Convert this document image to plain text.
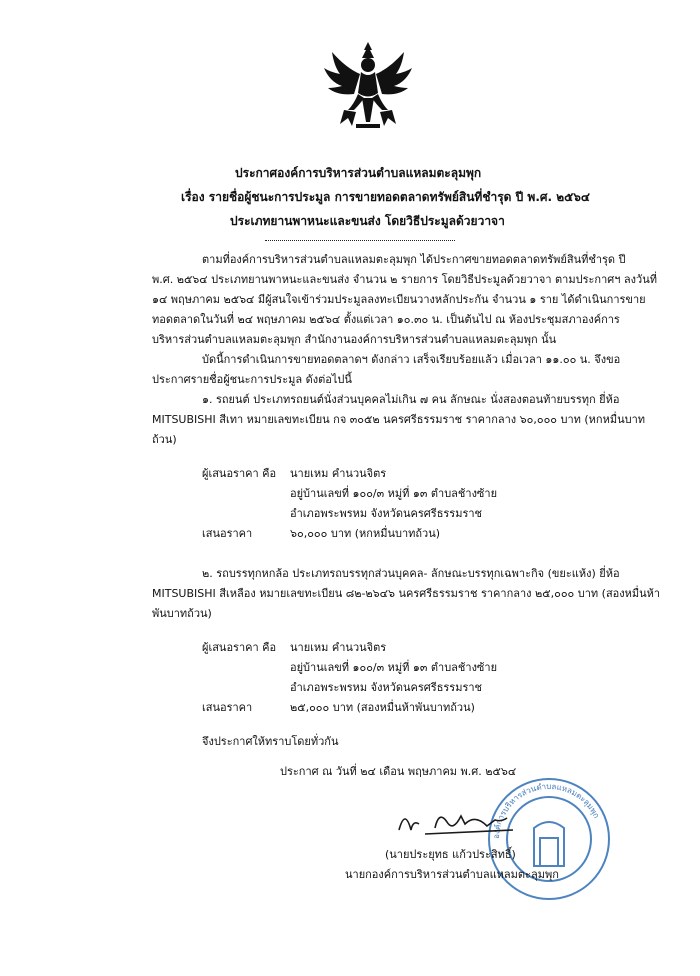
ประกาศองค์การบริหารส่วนตำบลแหลมตะลุมพุก
เรื่อง รายชื่อผู้ชนะการประมูล การขายทอดตลาดทรัพย์สินที่ชำรุด ปี พ.ศ. ๒๕๖๔
ประเภทยานพาหนะและขนส่ง โดยวิธีประมูลด้วยวาจา
ตามที่องค์การบริหารส่วนตำบลแหลมตะลุมพุก ได้ประกาศขายทอดตลาดทรัพย์สินที่ชำรุด ปี
พ.ศ. ๒๕๖๔ ประเภทยานพาหนะและขนส่ง จำนวน ๒ รายการ โดยวิธีประมูลด้วยวาจา ตามประกาศฯ ลงวันที่
๑๔ พฤษภาคม ๒๕๖๔ มีผู้สนใจเข้าร่วมประมูลลงทะเบียนวางหลักประกัน จำนวน ๑ ราย ได้ดำเนินการขาย
ทอดตลาดในวันที่ ๒๔ พฤษภาคม ๒๕๖๔ ตั้งแต่เวลา ๑๐.๓๐ น. เป็นต้นไป ณ ห้องประชุมสภาองค์การ
บริหารส่วนตำบลแหลมตะลุมพุก สำนักงานองค์การบริหารส่วนตำบลแหลมตะลุมพุก นั้น
บัดนี้การดำเนินการขายทอดตลาดฯ ดังกล่าว เสร็จเรียบร้อยแล้ว เมื่อเวลา ๑๑.๐๐ น. จึงขอ
ประกาศรายชื่อผู้ชนะการประมูล ดังต่อไปนี้
๑. รถยนต์ ประเภทรถยนต์นั่งส่วนบุคคลไม่เกิน ๗ คน ลักษณะ นั่งสองตอนท้ายบรรทุก ยี่ห้อ
MITSUBISHI สีเทา หมายเลขทะเบียน กจ ๓๐๕๒ นครศรีธรรมราช ราคากลาง ๖๐,๐๐๐ บาท (หกหมื่นบาท
ถ้วน)
ผู้เสนอราคา คือ นายเหม คำนวนจิตร
อยู่บ้านเลขที่ ๑๐๐/๓ หมู่ที่ ๑๓ ตำบลช้างซ้าย
อำเภอพระพรหม จังหวัดนครศรีธรรมราช
เสนอราคา	๖๐,๐๐๐ บาท (หกหมื่นบาทถ้วน)
๒. รถบรรทุกหกล้อ ประเภทรถบรรทุกส่วนบุคคล- ลักษณะบรรทุกเฉพาะกิจ (ขยะแห้ง) ยี่ห้อ
MITSUBISHI สีเหลือง หมายเลขทะเบียน ๘๒-๒๖๔๖ นครศรีธรรมราช ราคากลาง ๒๕,๐๐๐ บาท (สองหมื่นห้า
พันบาทถ้วน)
ผู้เสนอราคา คือ นายเหม คำนวนจิตร
อยู่บ้านเลขที่ ๑๐๐/๓ หมู่ที่ ๑๓ ตำบลช้างซ้าย
อำเภอพระพรหม จังหวัดนครศรีธรรมราช
เสนอราคา	๒๕,๐๐๐ บาท (สองหมื่นห้าพันบาทถ้วน)
จึงประกาศให้ทราบโดยทั่วกัน
ประกาศ ณ วันที่ ๒๔ เดือน พฤษภาคม พ.ศ. ๒๕๖๔
องค์การบริหารส่วนตำบลแหลมตะลุมพุก
(นายประยุทธ แก้วประสิทธิ์)
นายกองค์การบริหารส่วนตำบลแหลมตะลุมพุก
